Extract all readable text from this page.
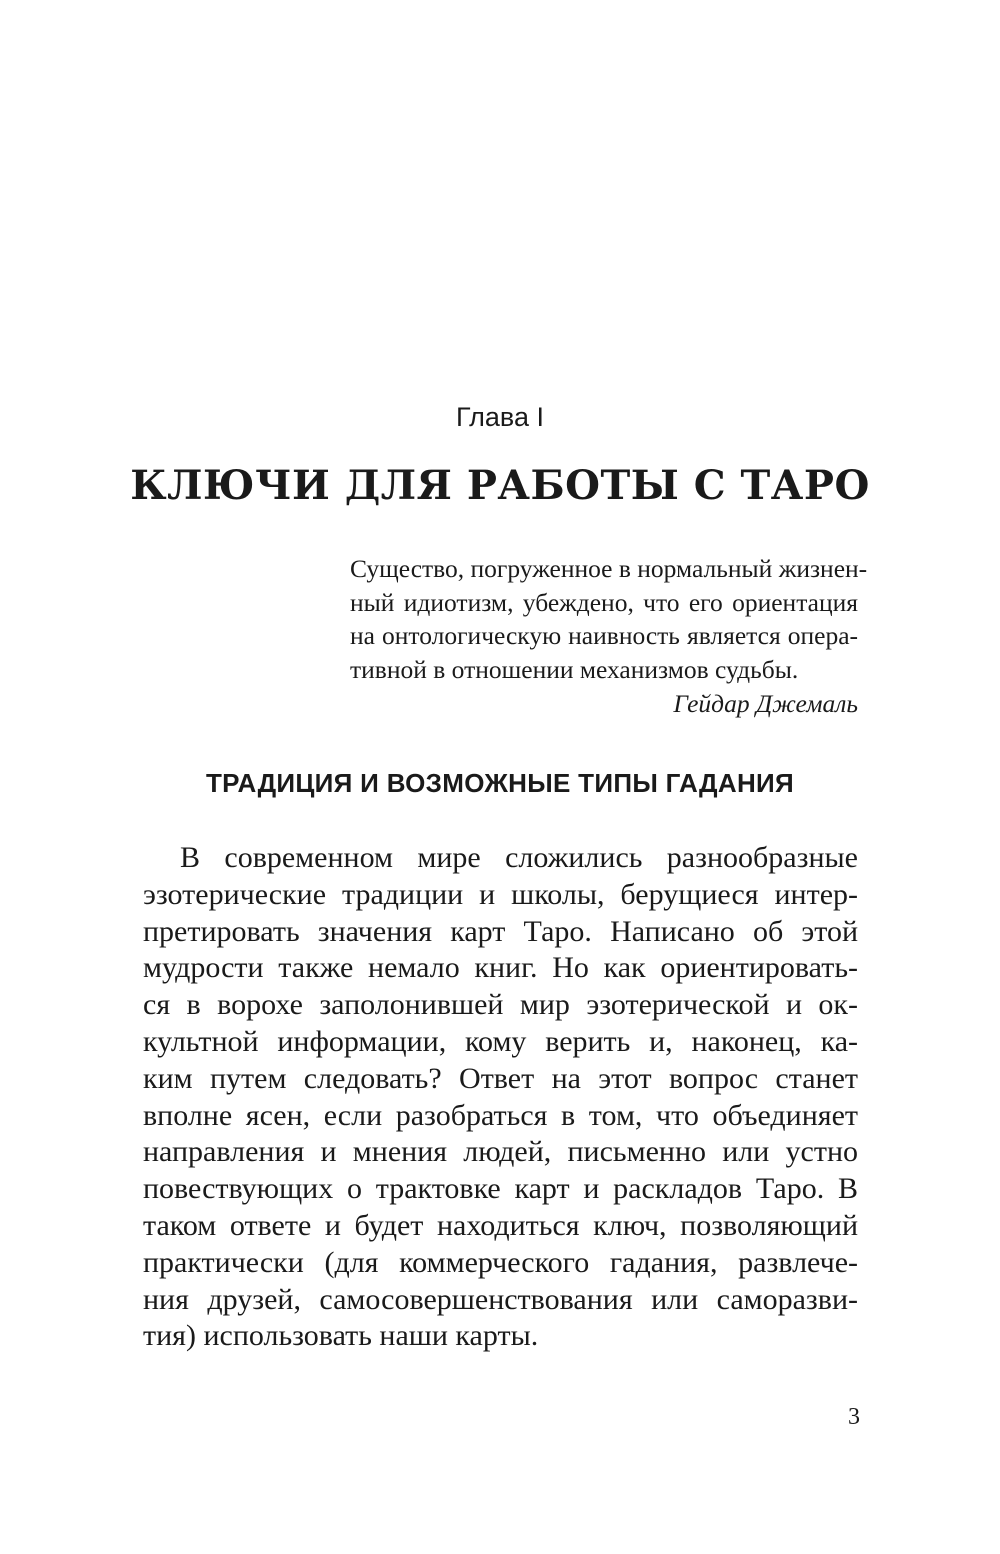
Глава I
КЛЮЧИ ДЛЯ РАБОТЫ С ТАРО
Существо, погруженное в нормальный жизнен-
ный идиотизм, убеждено, что его ориентация
на онтологическую наивность является опера-
тивной в отношении механизмов судьбы.
Гейдар Джемаль
ТРАДИЦИЯ И ВОЗМОЖНЫЕ ТИПЫ ГАДАНИЯ
В современном мире сложились разнообразные
эзотерические традиции и школы, берущиеся интер-
претировать значения карт Таро. Написано об этой
мудрости также немало книг. Но как ориентировать-
ся в ворохе заполонившей мир эзотерической и ок-
культной информации, кому верить и, наконец, ка-
ким путем следовать? Ответ на этот вопрос станет
вполне ясен, если разобраться в том, что объединяет
направления и мнения людей, письменно или устно
повествующих о трактовке карт и раскладов Таро. В
таком ответе и будет находиться ключ, позволяющий
практически (для коммерческого гадания, развлече-
ния друзей, самосовершенствования или саморазви-
тия) использовать наши карты.
3
